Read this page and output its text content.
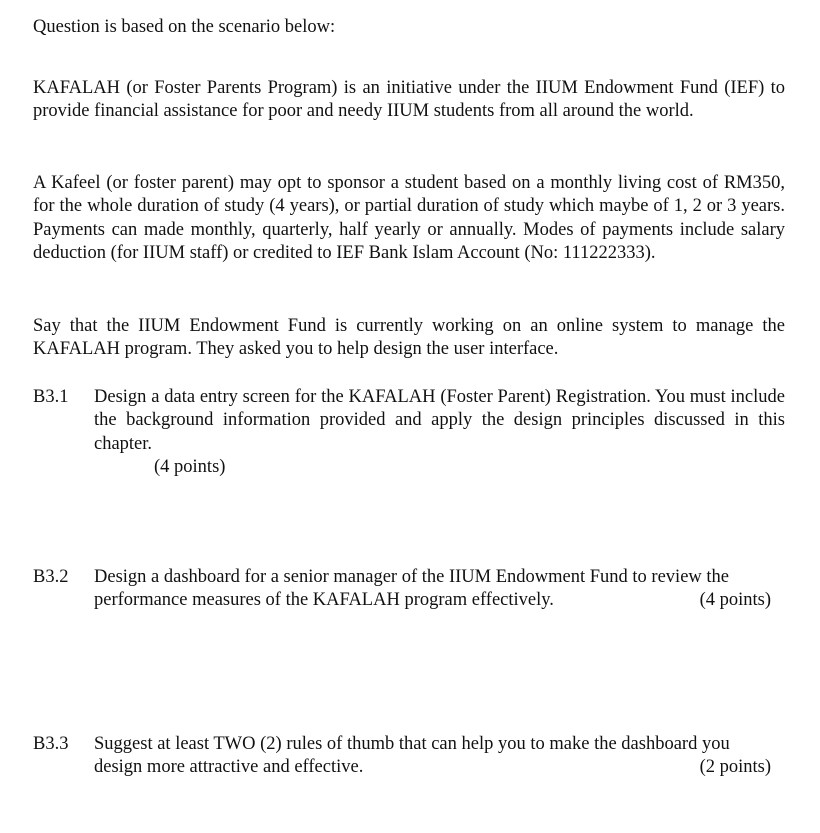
Question is based on the scenario below:
KAFALAH (or Foster Parents Program) is an initiative under the IIUM Endowment Fund (IEF) to provide financial assistance for poor and needy IIUM students from all around the world.
A Kafeel (or foster parent) may opt to sponsor a student based on a monthly living cost of RM350, for the whole duration of study (4 years), or partial duration of study which maybe of 1, 2 or 3 years. Payments can made monthly, quarterly, half yearly or annually. Modes of payments include salary deduction (for IIUM staff) or credited to IEF Bank Islam Account (No: 111222333).
Say that the IIUM Endowment Fund is currently working on an online system to manage the KAFALAH program. They asked you to help design the user interface.
B3.1 Design a data entry screen for the KAFALAH (Foster Parent) Registration. You must include the background information provided and apply the design principles discussed in this chapter.
(4 points)
B3.2 Design a dashboard for a senior manager of the IIUM Endowment Fund to review the
performance measures of the KAFALAH program effectively.	(4 points)
B3.3 Suggest at least TWO (2) rules of thumb that can help you to make the dashboard you
design more attractive and effective.	(2 points)
